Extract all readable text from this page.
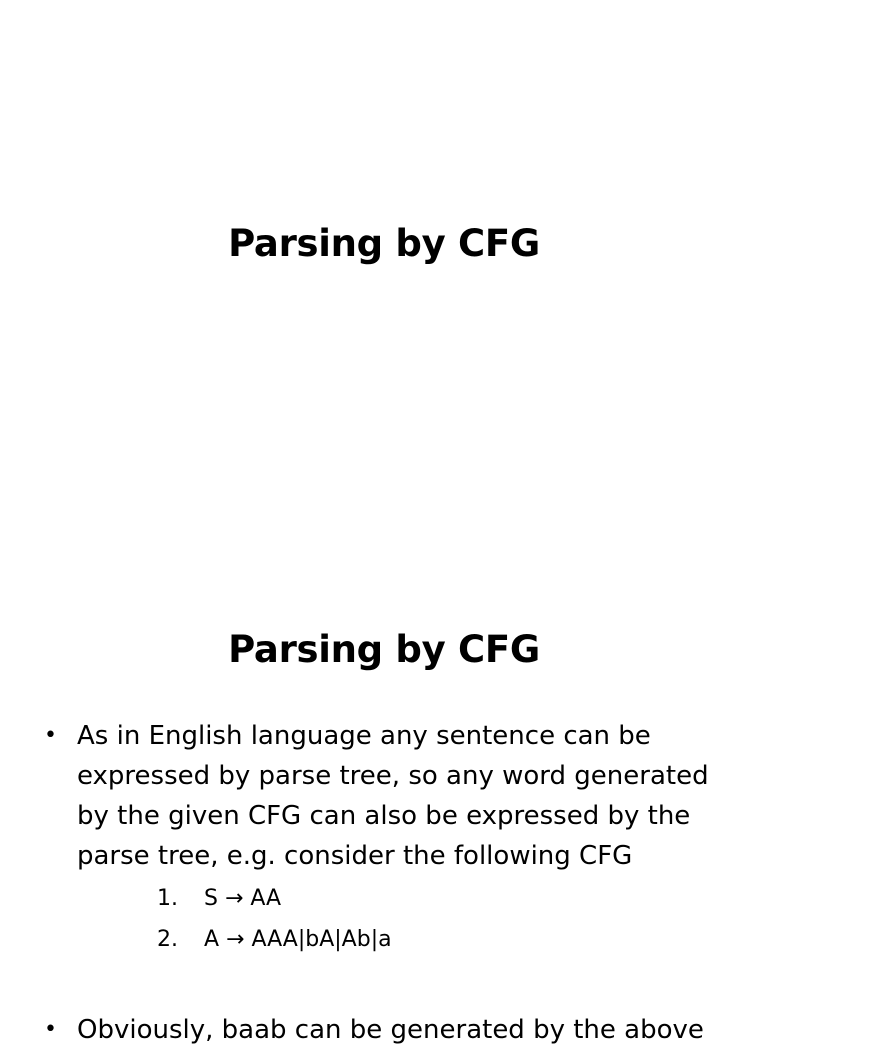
Parsing by CFG
Parsing by CFG
• As in English language any sentence can be expressed by parse tree, so any word generated by the given CFG can also be expressed by the parse tree, e.g. consider the following CFG
1. S → AA
2. A → AAA|bA|Ab|a
• Obviously, baab can be generated by the above
